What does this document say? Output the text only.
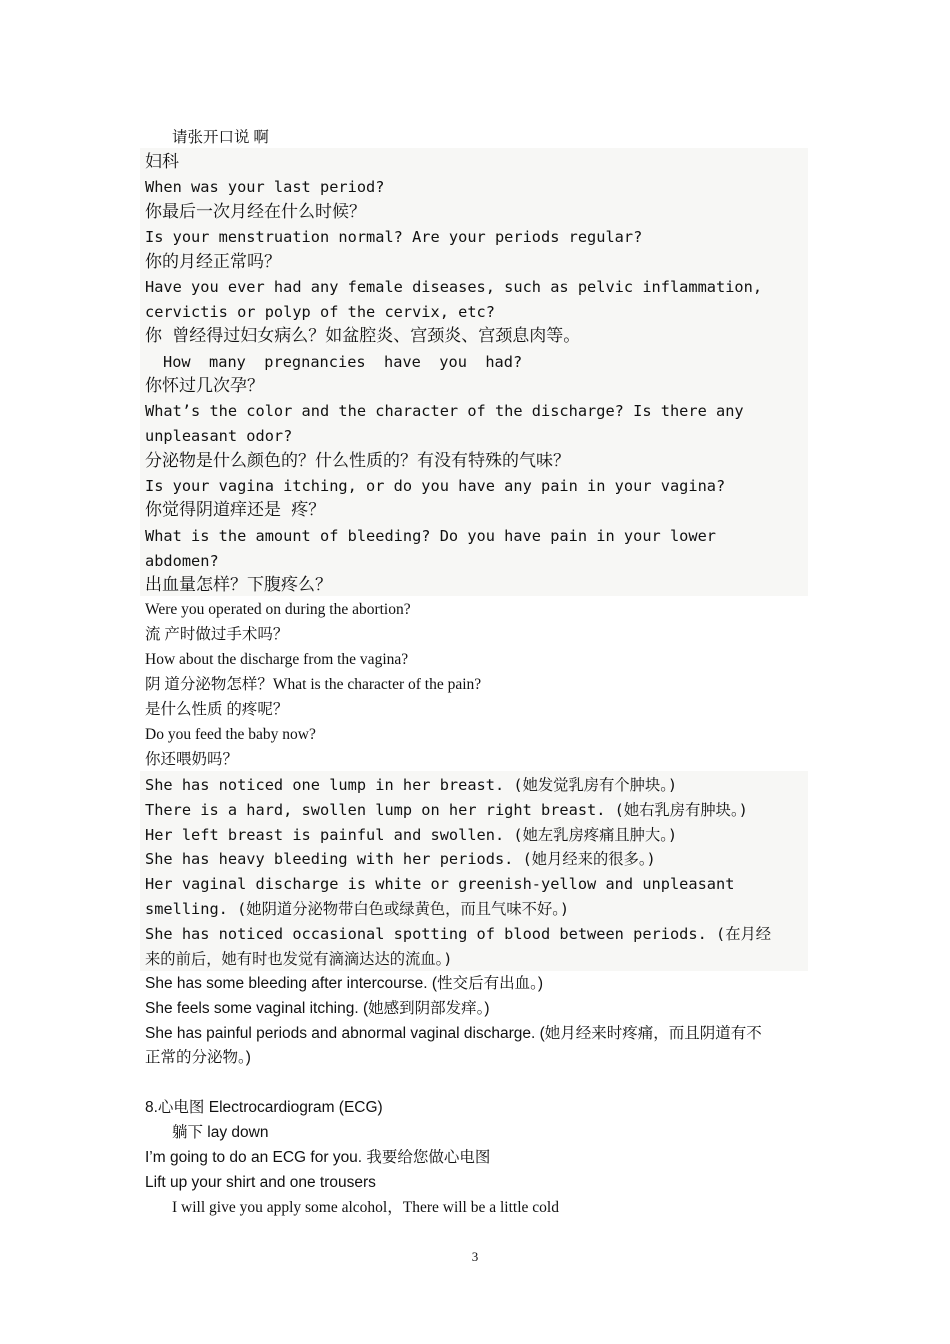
请张开口说 啊
妇科
When was your last period?
你最后一次月经在什么时候？
Is your menstruation normal? Are your periods regular?
你的月经正常吗？
Have you ever had any female diseases, such as pelvic inflammation,
cervictis or polyp of the cervix, etc?
你 曾经得过妇女病么？如盆腔炎、宫颈炎、宫颈息肉等。
How  many  pregnancies  have  you  had?
你怀过几次孕？
What’s the color and the character of the discharge? Is there any
unpleasant odor?
分泌物是什么颜色的？什么性质的？有没有特殊的气味？
Is your vagina itching, or do you have any pain in your vagina?
你觉得阴道痒还是 疼？
What is the amount of bleeding? Do you have pain in your lower
abdomen?
出血量怎样？下腹疼么？
Were you operated on during the abortion?
流 产时做过手术吗？
How about the discharge from the vagina?
阴 道分泌物怎样？What is the character of the pain?
是什么性质 的疼呢？
Do you feed the baby now?
你还喂奶吗？
She has noticed one lump in her breast. (她发觉乳房有个肿块。)
There is a hard, swollen lump on her right breast. (她右乳房有肿块。)
Her left breast is painful and swollen. (她左乳房疼痛且肿大。)
She has heavy bleeding with her periods. (她月经来的很多。)
Her vaginal discharge is white or greenish-yellow and unpleasant
smelling. (她阴道分泌物带白色或绿黄色，而且气味不好。)
She has noticed occasional spotting of blood between periods. (在月经
来的前后，她有时也发觉有滴滴达达的流血。)
She has some bleeding after intercourse. (性交后有出血。)
She feels some vaginal itching. (她感到阴部发痒。)
She has painful periods and abnormal vaginal discharge. (她月经来时疼痛，而且阴道有不
正常的分泌物。)
8.心电图 Electrocardiogram (ECG)
躺下 lay down
I’m going to do an ECG for you. 我要给您做心电图
Lift up your shirt and one trousers
I will give you apply some alcohol，There will be a little cold
3
